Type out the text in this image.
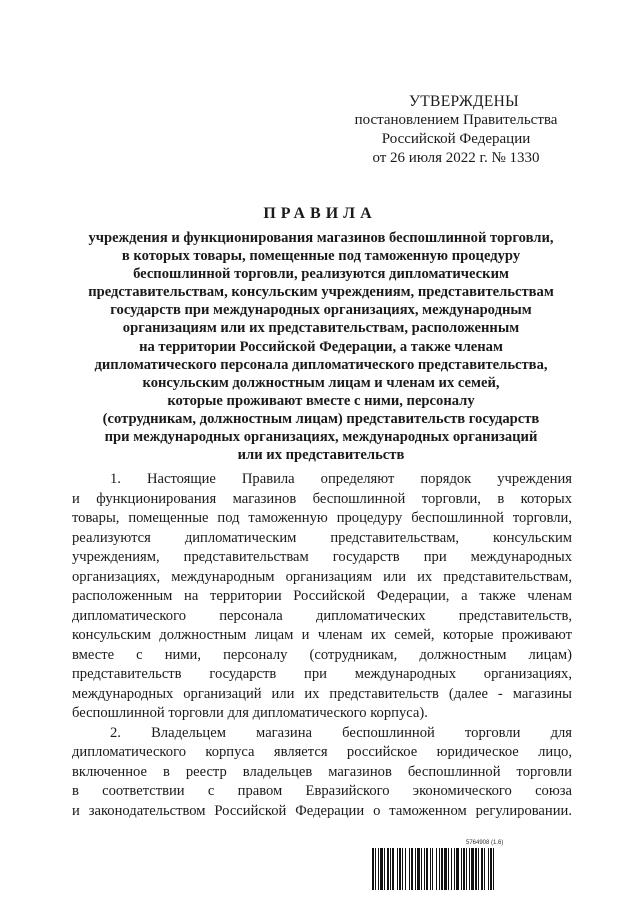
УТВЕРЖДЕНЫ
постановлением Правительства
Российской Федерации
от 26 июля 2022 г. № 1330
ПРАВИЛА
учреждения и функционирования магазинов беспошлинной торговли,
в которых товары, помещенные под таможенную процедуру
беспошлинной торговли, реализуются дипломатическим
представительствам, консульским учреждениям, представительствам
государств при международных организациях, международным
организациям или их представительствам, расположенным
на территории Российской Федерации, а также членам
дипломатического персонала дипломатического представительства,
консульским должностным лицам и членам их семей,
которые проживают вместе с ними, персоналу
(сотрудникам, должностным лицам) представительств государств
при международных организациях, международных организаций
или их представительств
1. Настоящие Правила определяют порядок учреждения
и функционирования магазинов беспошлинной торговли, в которых
товары, помещенные под таможенную процедуру беспошлинной торговли,
реализуются дипломатическим представительствам, консульским
учреждениям, представительствам государств при международных
организациях, международным организациям или их представительствам,
расположенным на территории Российской Федерации, а также членам
дипломатического персонала дипломатических представительств,
консульским должностным лицам и членам их семей, которые проживают
вместе с ними, персоналу (сотрудникам, должностным лицам)
представительств государств при международных организациях,
международных организаций или их представительств (далее - магазины
беспошлинной торговли для дипломатического корпуса).
2. Владельцем магазина беспошлинной торговли для
дипломатического корпуса является российское юридическое лицо,
включенное в реестр владельцев магазинов беспошлинной торговли
в соответствии с правом Евразийского экономического союза
и законодательством Российской Федерации о таможенном регулировании.
5764908 (1.6)
